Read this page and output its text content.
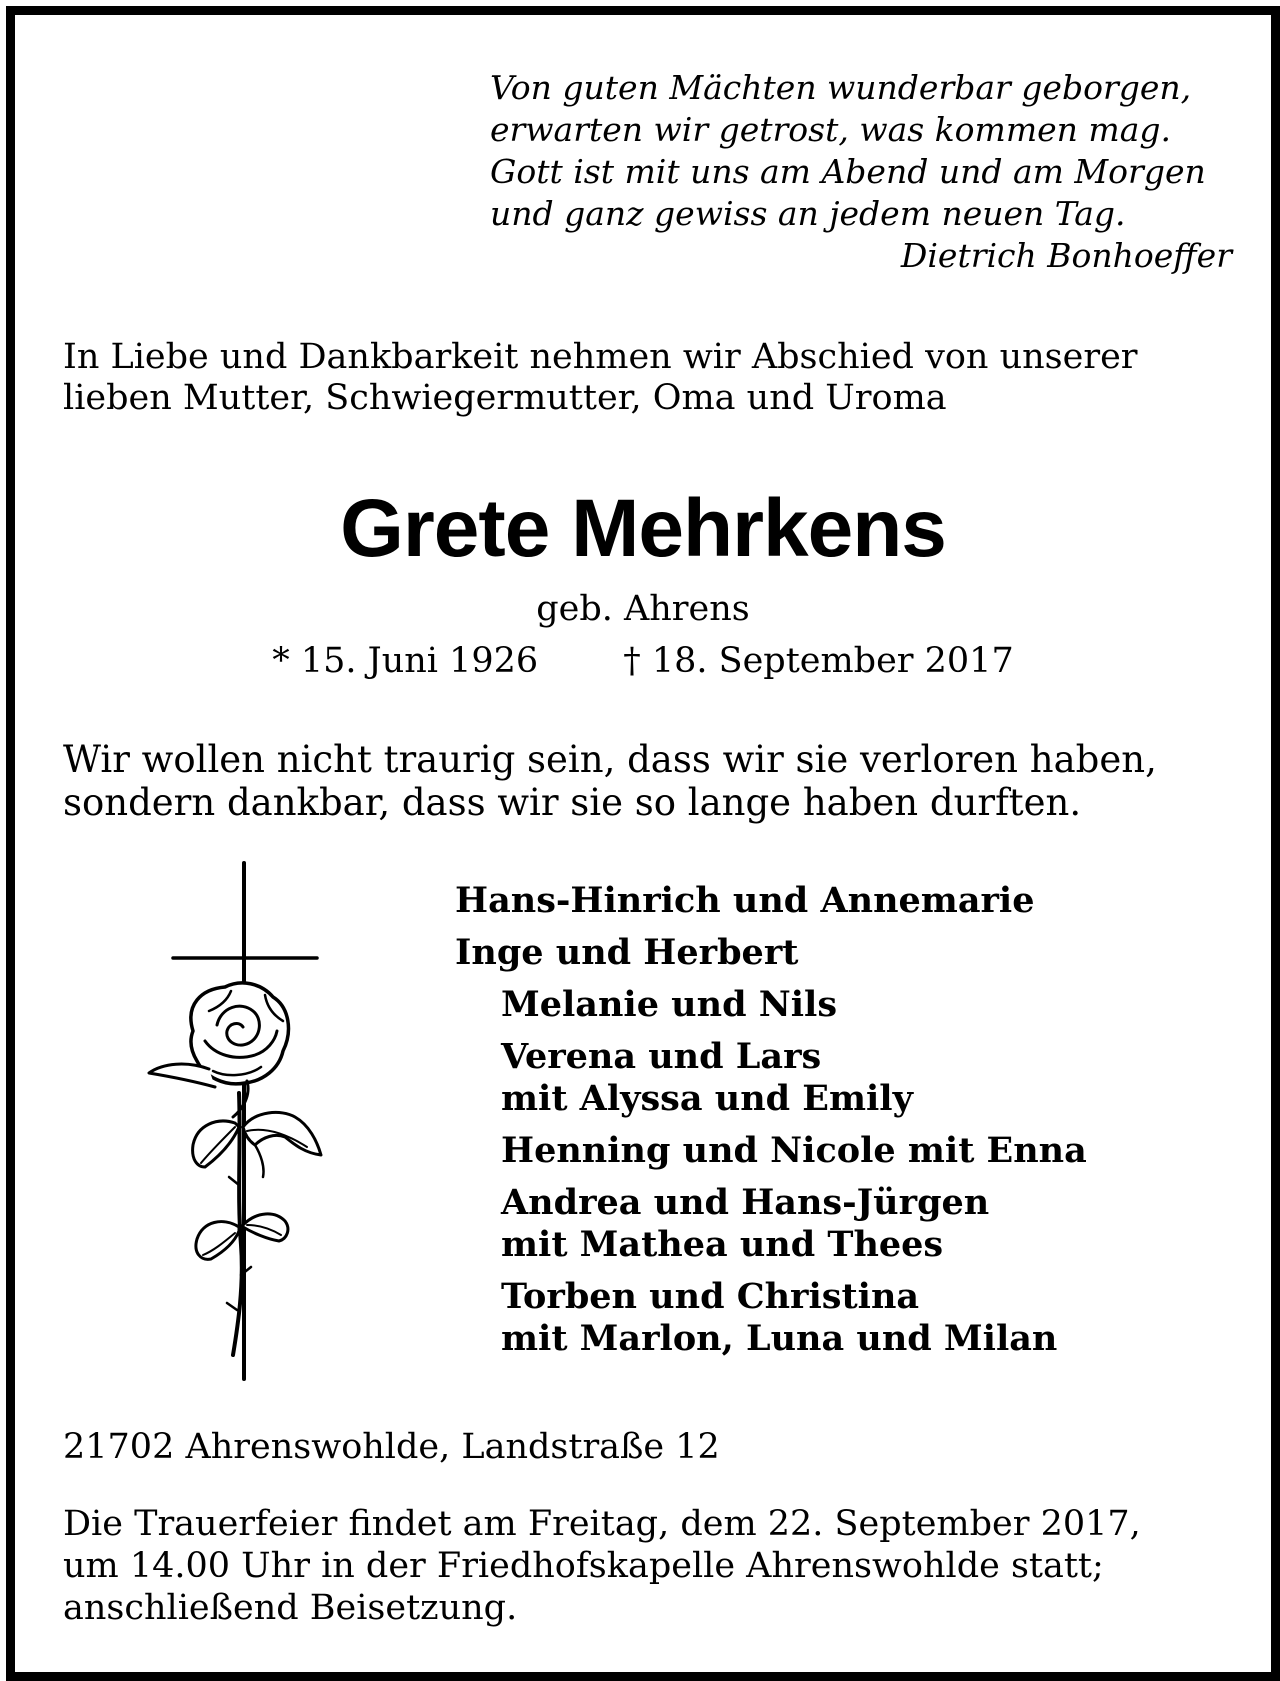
Von guten Mächten wunderbar geborgen,
erwarten wir getrost, was kommen mag.
Gott ist mit uns am Abend und am Morgen
und ganz gewiss an jedem neuen Tag.
Dietrich Bonhoeffer
In Liebe und Dankbarkeit nehmen wir Abschied von unserer
lieben Mutter, Schwiegermutter, Oma und Uroma
Grete Mehrkens
geb. Ahrens
* 15. Juni 1926 † 18. September 2017
Wir wollen nicht traurig sein, dass wir sie verloren haben,
sondern dankbar, dass wir sie so lange haben durften.
Hans-Hinrich und Annemarie
Inge und Herbert
Melanie und Nils
Verena und Lars
mit Alyssa und Emily
Henning und Nicole mit Enna
Andrea und Hans-Jürgen
mit Mathea und Thees
Torben und Christina
mit Marlon, Luna und Milan
21702 Ahrenswohlde, Landstraße 12
Die Trauerfeier findet am Freitag, dem 22. September 2017,
um 14.00 Uhr in der Friedhofskapelle Ahrenswohlde statt;
anschließend Beisetzung.
